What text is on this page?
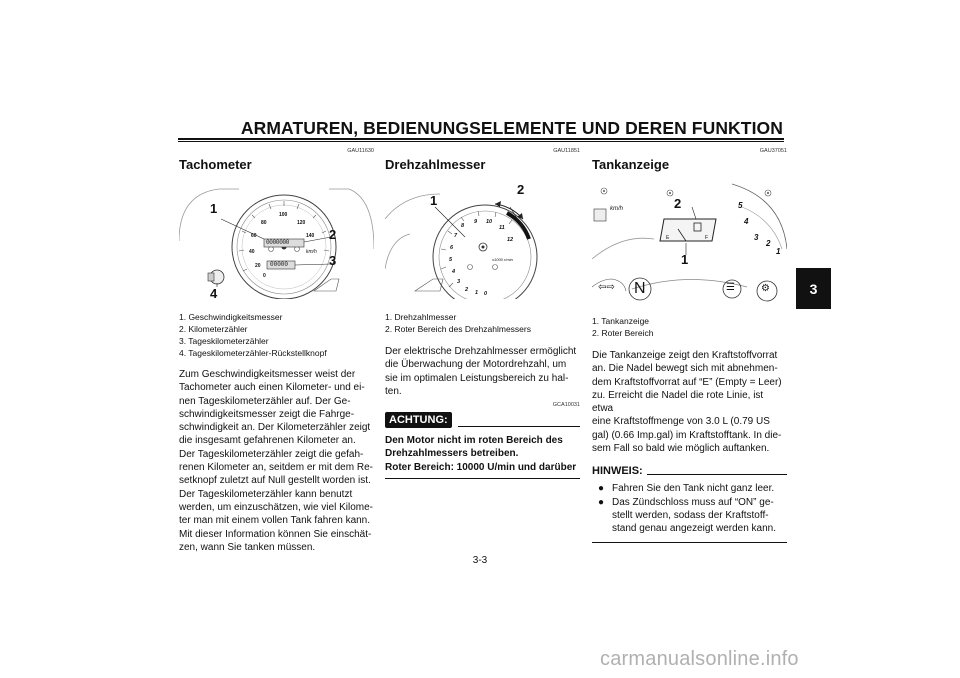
ARMATUREN, BEDIENUNGSELEMENTE UND DEREN FUNKTION
3
GAU11630
Tachometer
1
2
3
4
100
80	120
60	140
40
20
0
km/h
0000000
00000
1. Geschwindigkeitsmesser
2. Kilometerzähler
3. Tageskilometerzähler
4. Tageskilometerzähler-Rückstellknopf
Zum Geschwindigkeitsmesser weist der
Tachometer auch einen Kilometer- und ei-
nen Tageskilometerzähler auf. Der Ge-
schwindigkeitsmesser zeigt die Fahrge-
schwindigkeit an. Der Kilometerzähler zeigt
die insgesamt gefahrenen Kilometer an.
Der Tageskilometerzähler zeigt die gefah-
renen Kilometer an, seitdem er mit dem Re-
setknopf zuletzt auf Null gestellt worden ist.
Der Tageskilometerzähler kann benutzt
werden, um einzuschätzen, wie viel Kilome-
ter man mit einem vollen Tank fahren kann.
Mit dieser Information können Sie einschät-
zen, wann Sie tanken müssen.
GAU11851
Drehzahlmesser
1
2
8
9 10
11
12
7
6
5
4
3
2 1 0
x1000 r/min
1. Drehzahlmesser
2. Roter Bereich des Drehzahlmessers
Der elektrische Drehzahlmesser ermöglicht
die Überwachung der Motordrehzahl, um
sie im optimalen Leistungsbereich zu hal-
ten.
GCA10031
ACHTUNG:
Den Motor nicht im roten Bereich des
Drehzahlmessers betreiben.
Roter Bereich: 10000 U/min und darüber
GAU37051
Tankanzeige
2
1
E	F
N
⇦⇨	☰	⚙
km/h	5
4
3
2
1
1. Tankanzeige
2. Roter Bereich
Die Tankanzeige zeigt den Kraftstoffvorrat
an. Die Nadel bewegt sich mit abnehmen-
dem Kraftstoffvorrat auf “E” (Empty = Leer)
zu. Erreicht die Nadel die rote Linie, ist etwa
eine Kraftstoffmenge von 3.0 L (0.79 US
gal) (0.66 Imp.gal) im Kraftstofftank. In die-
sem Fall so bald wie möglich auftanken.
HINWEIS:
● Fahren Sie den Tank nicht ganz leer.
● Das Zündschloss muss auf “ON” ge-
stellt werden, sodass der Kraftstoff-
stand genau angezeigt werden kann.
3-3
carmanualsonline.info
